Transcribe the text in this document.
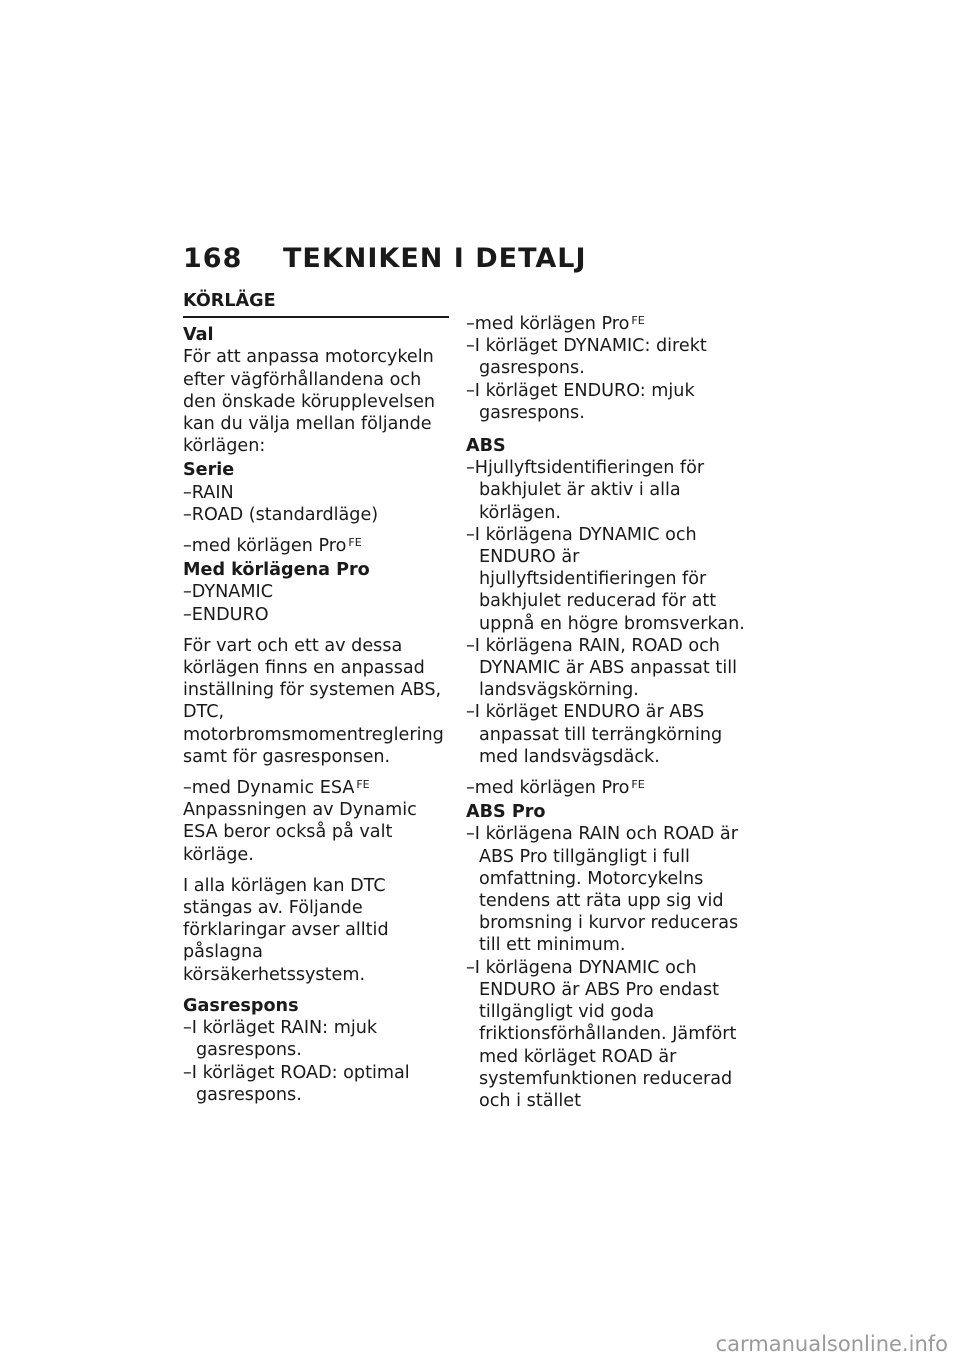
168	TEKNIKEN I DETALJ
KÖRLÄGE
Val

För att anpassa motorcykeln efter vägförhållandena och den önskade körupplevelsen kan du välja mellan följande körlägen:

Serie
–RAIN
–ROAD (standardläge)
–med körlägen Pro $^{FE}$
Med körlägena Pro
–DYNAMIC
–ENDURO

För vart och ett av dessa körlägen finns en anpassad inställning för systemen ABS, DTC, motorbromsmomentreglering samt för gasresponsen.

–med Dynamic ESA $^{FE}$

Anpassningen av Dynamic ESA beror också på valt körläge.

I alla körlägen kan DTC stängas av. Följande förklaringar avser alltid påslagna körsäkerhetssystem.

Gasrespons
–I körläget RAIN: mjuk gasrespons.
–I körläget ROAD: optimal gasrespons.
–med körlägen Pro $^{FE}$
–I körläget DYNAMIC: direkt gasrespons.
–I körläget ENDURO: mjuk gasrespons.
ABS
–Hjullyftsidentifieringen för bakhjulet är aktiv i alla körlägen.
–I körlägena DYNAMIC och ENDURO är hjullyftsidentifieringen för bakhjulet reducerad för att uppnå en högre bromsverkan.
–I körlägena RAIN, ROAD och DYNAMIC är ABS anpassat till landsvägskörning.
–I körläget ENDURO är ABS anpassat till terrängkörning med landsvägsdäck.
–med körlägen Pro $^{FE}$
ABS Pro
–I körlägena RAIN och ROAD är ABS Pro tillgängligt i full omfattning. Motorcykelns tendens att räta upp sig vid bromsning i kurvor reduceras till ett minimum.
–I körlägena DYNAMIC och ENDURO är ABS Pro endast tillgängligt vid goda friktionsförhållanden. Jämfört med körläget ROAD är systemfunktionen reducerad och i stället
carmanualsonline.info
